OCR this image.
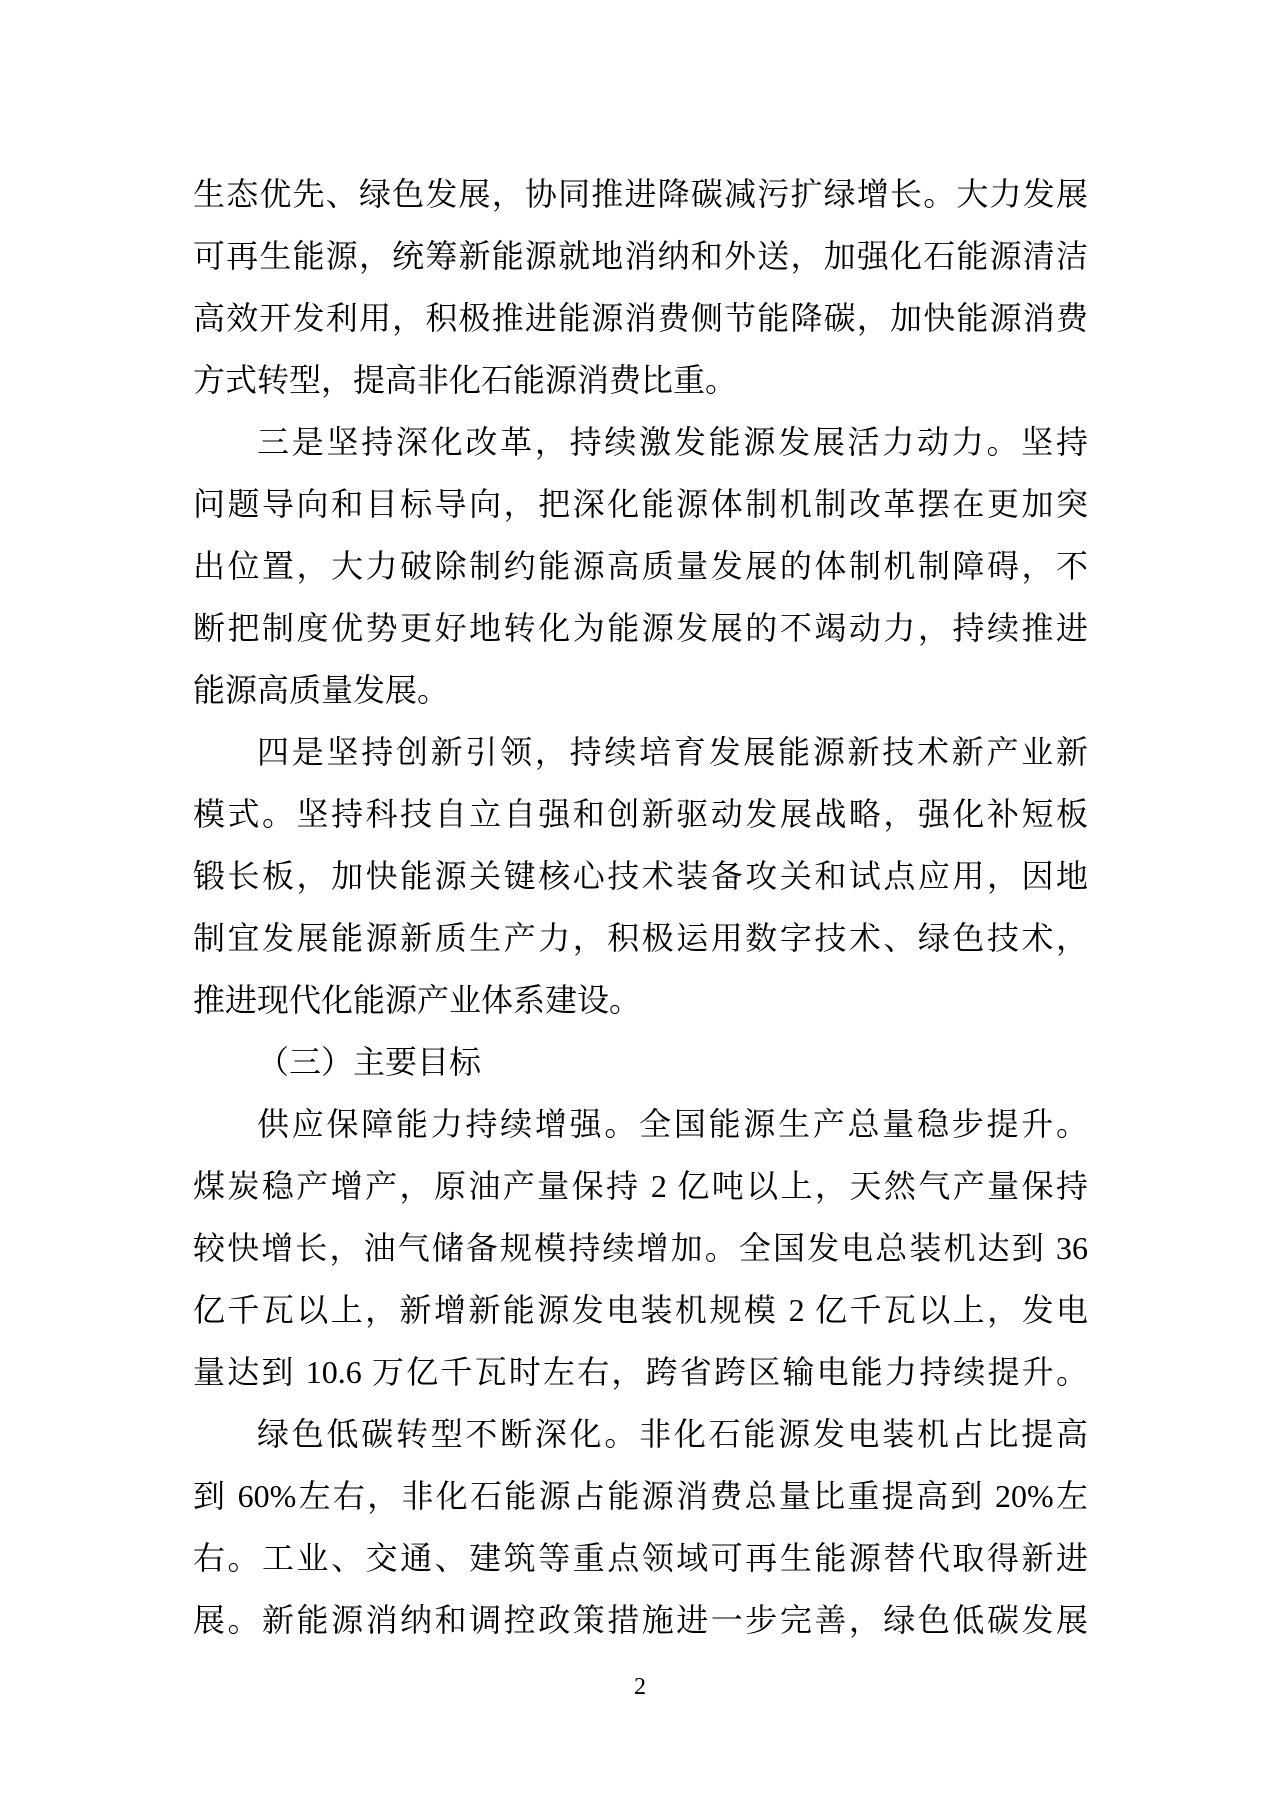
生态优先、绿色发展，协同推进降碳减污扩绿增长。大力发展
可再生能源，统筹新能源就地消纳和外送，加强化石能源清洁
高效开发利用，积极推进能源消费侧节能降碳，加快能源消费
方式转型，提高非化石能源消费比重。
三是坚持深化改革，持续激发能源发展活力动力。坚持
问题导向和目标导向，把深化能源体制机制改革摆在更加突
出位置，大力破除制约能源高质量发展的体制机制障碍，不
断把制度优势更好地转化为能源发展的不竭动力，持续推进
能源高质量发展。
四是坚持创新引领，持续培育发展能源新技术新产业新
模式。坚持科技自立自强和创新驱动发展战略，强化补短板
锻长板，加快能源关键核心技术装备攻关和试点应用，因地
制宜发展能源新质生产力，积极运用数字技术、绿色技术，
推进现代化能源产业体系建设。
（三）主要目标
供应保障能力持续增强。全国能源生产总量稳步提升。
煤炭稳产增产，原油产量保持 2 亿吨以上，天然气产量保持
较快增长，油气储备规模持续增加。全国发电总装机达到 36
亿千瓦以上，新增新能源发电装机规模 2 亿千瓦以上，发电
量达到 10.6 万亿千瓦时左右，跨省跨区输电能力持续提升。
绿色低碳转型不断深化。非化石能源发电装机占比提高
到 60%左右，非化石能源占能源消费总量比重提高到 20%左
右。工业、交通、建筑等重点领域可再生能源替代取得新进
展。新能源消纳和调控政策措施进一步完善，绿色低碳发展
2
